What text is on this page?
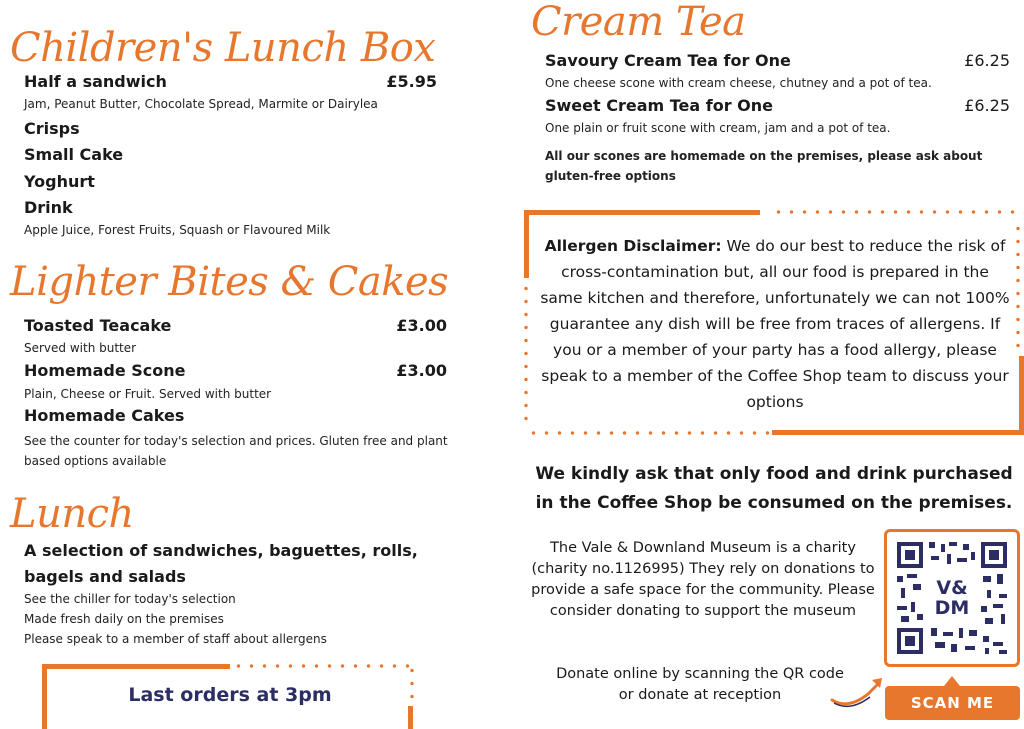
Children's Lunch Box
Half a sandwich	£5.95
Jam, Peanut Butter, Chocolate Spread, Marmite or Dairylea
Crisps
Small Cake
Yoghurt
Drink
Apple Juice, Forest Fruits, Squash or Flavoured Milk
Lighter Bites & Cakes
Toasted Teacake	£3.00
Served with butter
Homemade Scone	£3.00
Plain, Cheese or Fruit. Served with butter
Homemade Cakes
See the counter for today's selection and prices. Gluten free and plant based options available
Lunch
A selection of sandwiches, baguettes, rolls, bagels and salads
See the chiller for today's selection
Made fresh daily on the premises
Please speak to a member of staff about allergens
Last orders at 3pm
Cream Tea
Savoury Cream Tea for One	£6.25
One cheese scone with cream cheese, chutney and a pot of tea.
Sweet Cream Tea for One	£6.25
One plain or fruit scone with cream, jam and a pot of tea.
All our scones are homemade on the premises, please ask about gluten-free options
Allergen Disclaimer: We do our best to reduce the risk of cross-contamination but, all our food is prepared in the same kitchen and therefore, unfortunately we can not 100% guarantee any dish will be free from traces of allergens. If you or a member of your party has a food allergy, please speak to a member of the Coffee Shop team to discuss your options
We kindly ask that only food and drink purchased in the Coffee Shop be consumed on the premises.
The Vale & Downland Museum is a charity (charity no.1126995) They rely on donations to provide a safe space for the community. Please consider donating to support the museum
Donate online by scanning the QR code or donate at reception
V&
DM
SCAN ME
